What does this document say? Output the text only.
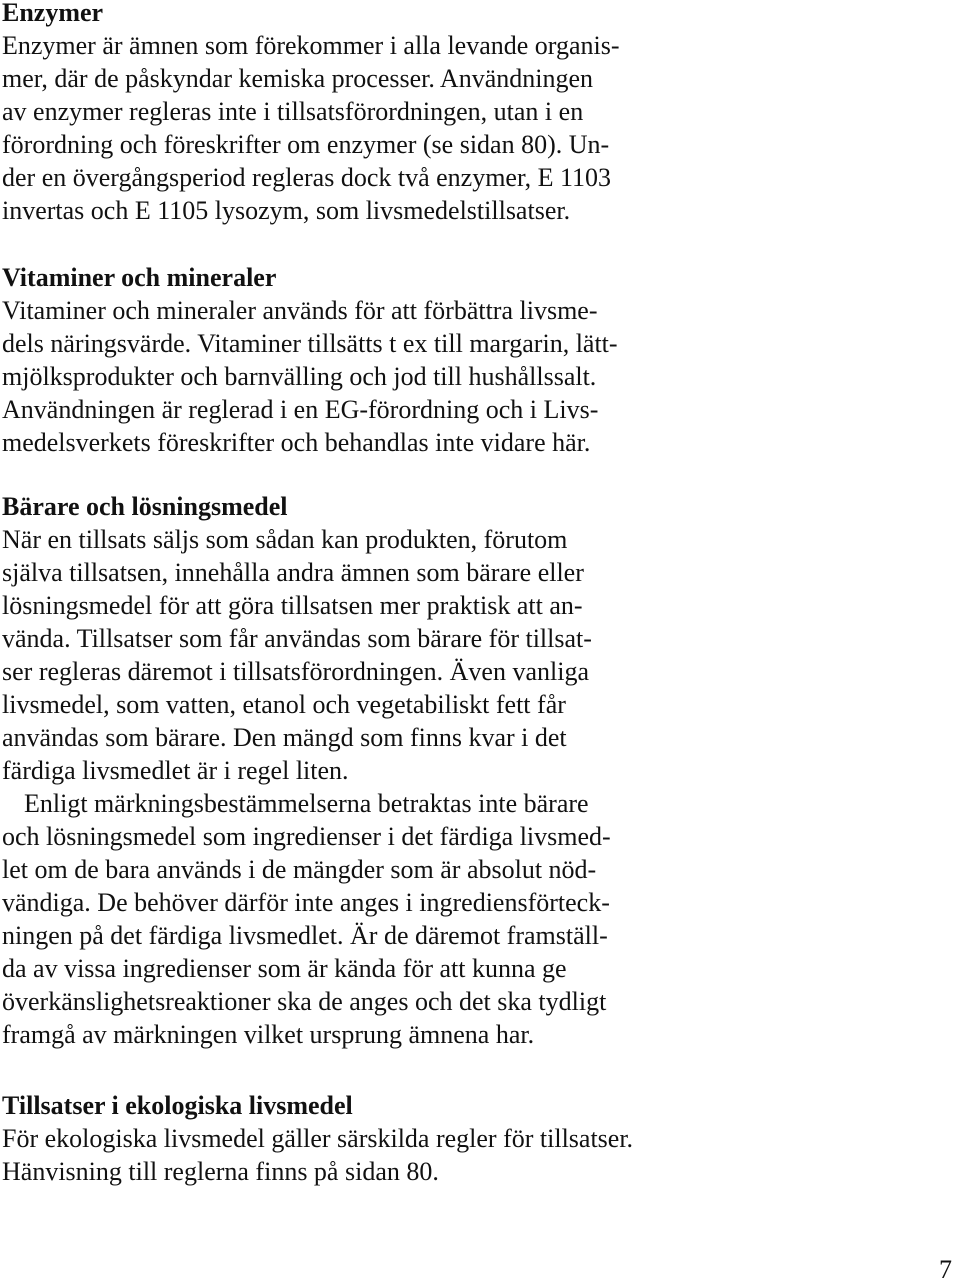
Enzymer

Enzymer är ämnen som förekommer i alla levande organis-

mer, där de påskyndar kemiska processer. Användningen

av enzymer regleras inte i tillsatsförordningen, utan i en

förordning och föreskrifter om enzymer (se sidan 80). Un-

der en övergångsperiod regleras dock två enzymer, E 1103

invertas och E 1105 lysozym, som livsmedelstillsatser.

Vitaminer och mineraler

Vitaminer och mineraler används för att förbättra livsme-

dels näringsvärde. Vitaminer tillsätts t ex till margarin, lätt-

mjölksprodukter och barnvälling och jod till hushållssalt.

Användningen är reglerad i en EG-förordning och i Livs-

medelsverkets föreskrifter och behandlas inte vidare här.

Bärare och lösningsmedel

När en tillsats säljs som sådan kan produkten, förutom

själva tillsatsen, innehålla andra ämnen som bärare eller

lösningsmedel för att göra tillsatsen mer praktisk att an-

vända. Tillsatser som får användas som bärare för tillsat-

ser regleras däremot i tillsatsförordningen. Även vanliga

livsmedel, som vatten, etanol och vegetabiliskt fett får

användas som bärare. Den mängd som finns kvar i det

färdiga livsmedlet är i regel liten.

Enligt märkningsbestämmelserna betraktas inte bärare

och lösningsmedel som ingredienser i det färdiga livsmed-

let om de bara används i de mängder som är absolut nöd-

vändiga. De behöver därför inte anges i ingrediensförteck-

ningen på det färdiga livsmedlet. Är de däremot framställ-

da av vissa ingredienser som är kända för att kunna ge

överkänslighetsreaktioner ska de anges och det ska tydligt

framgå av märkningen vilket ursprung ämnena har.

Tillsatser i ekologiska livsmedel

För ekologiska livsmedel gäller särskilda regler för tillsatser.

Hänvisning till reglerna finns på sidan 80.

7
